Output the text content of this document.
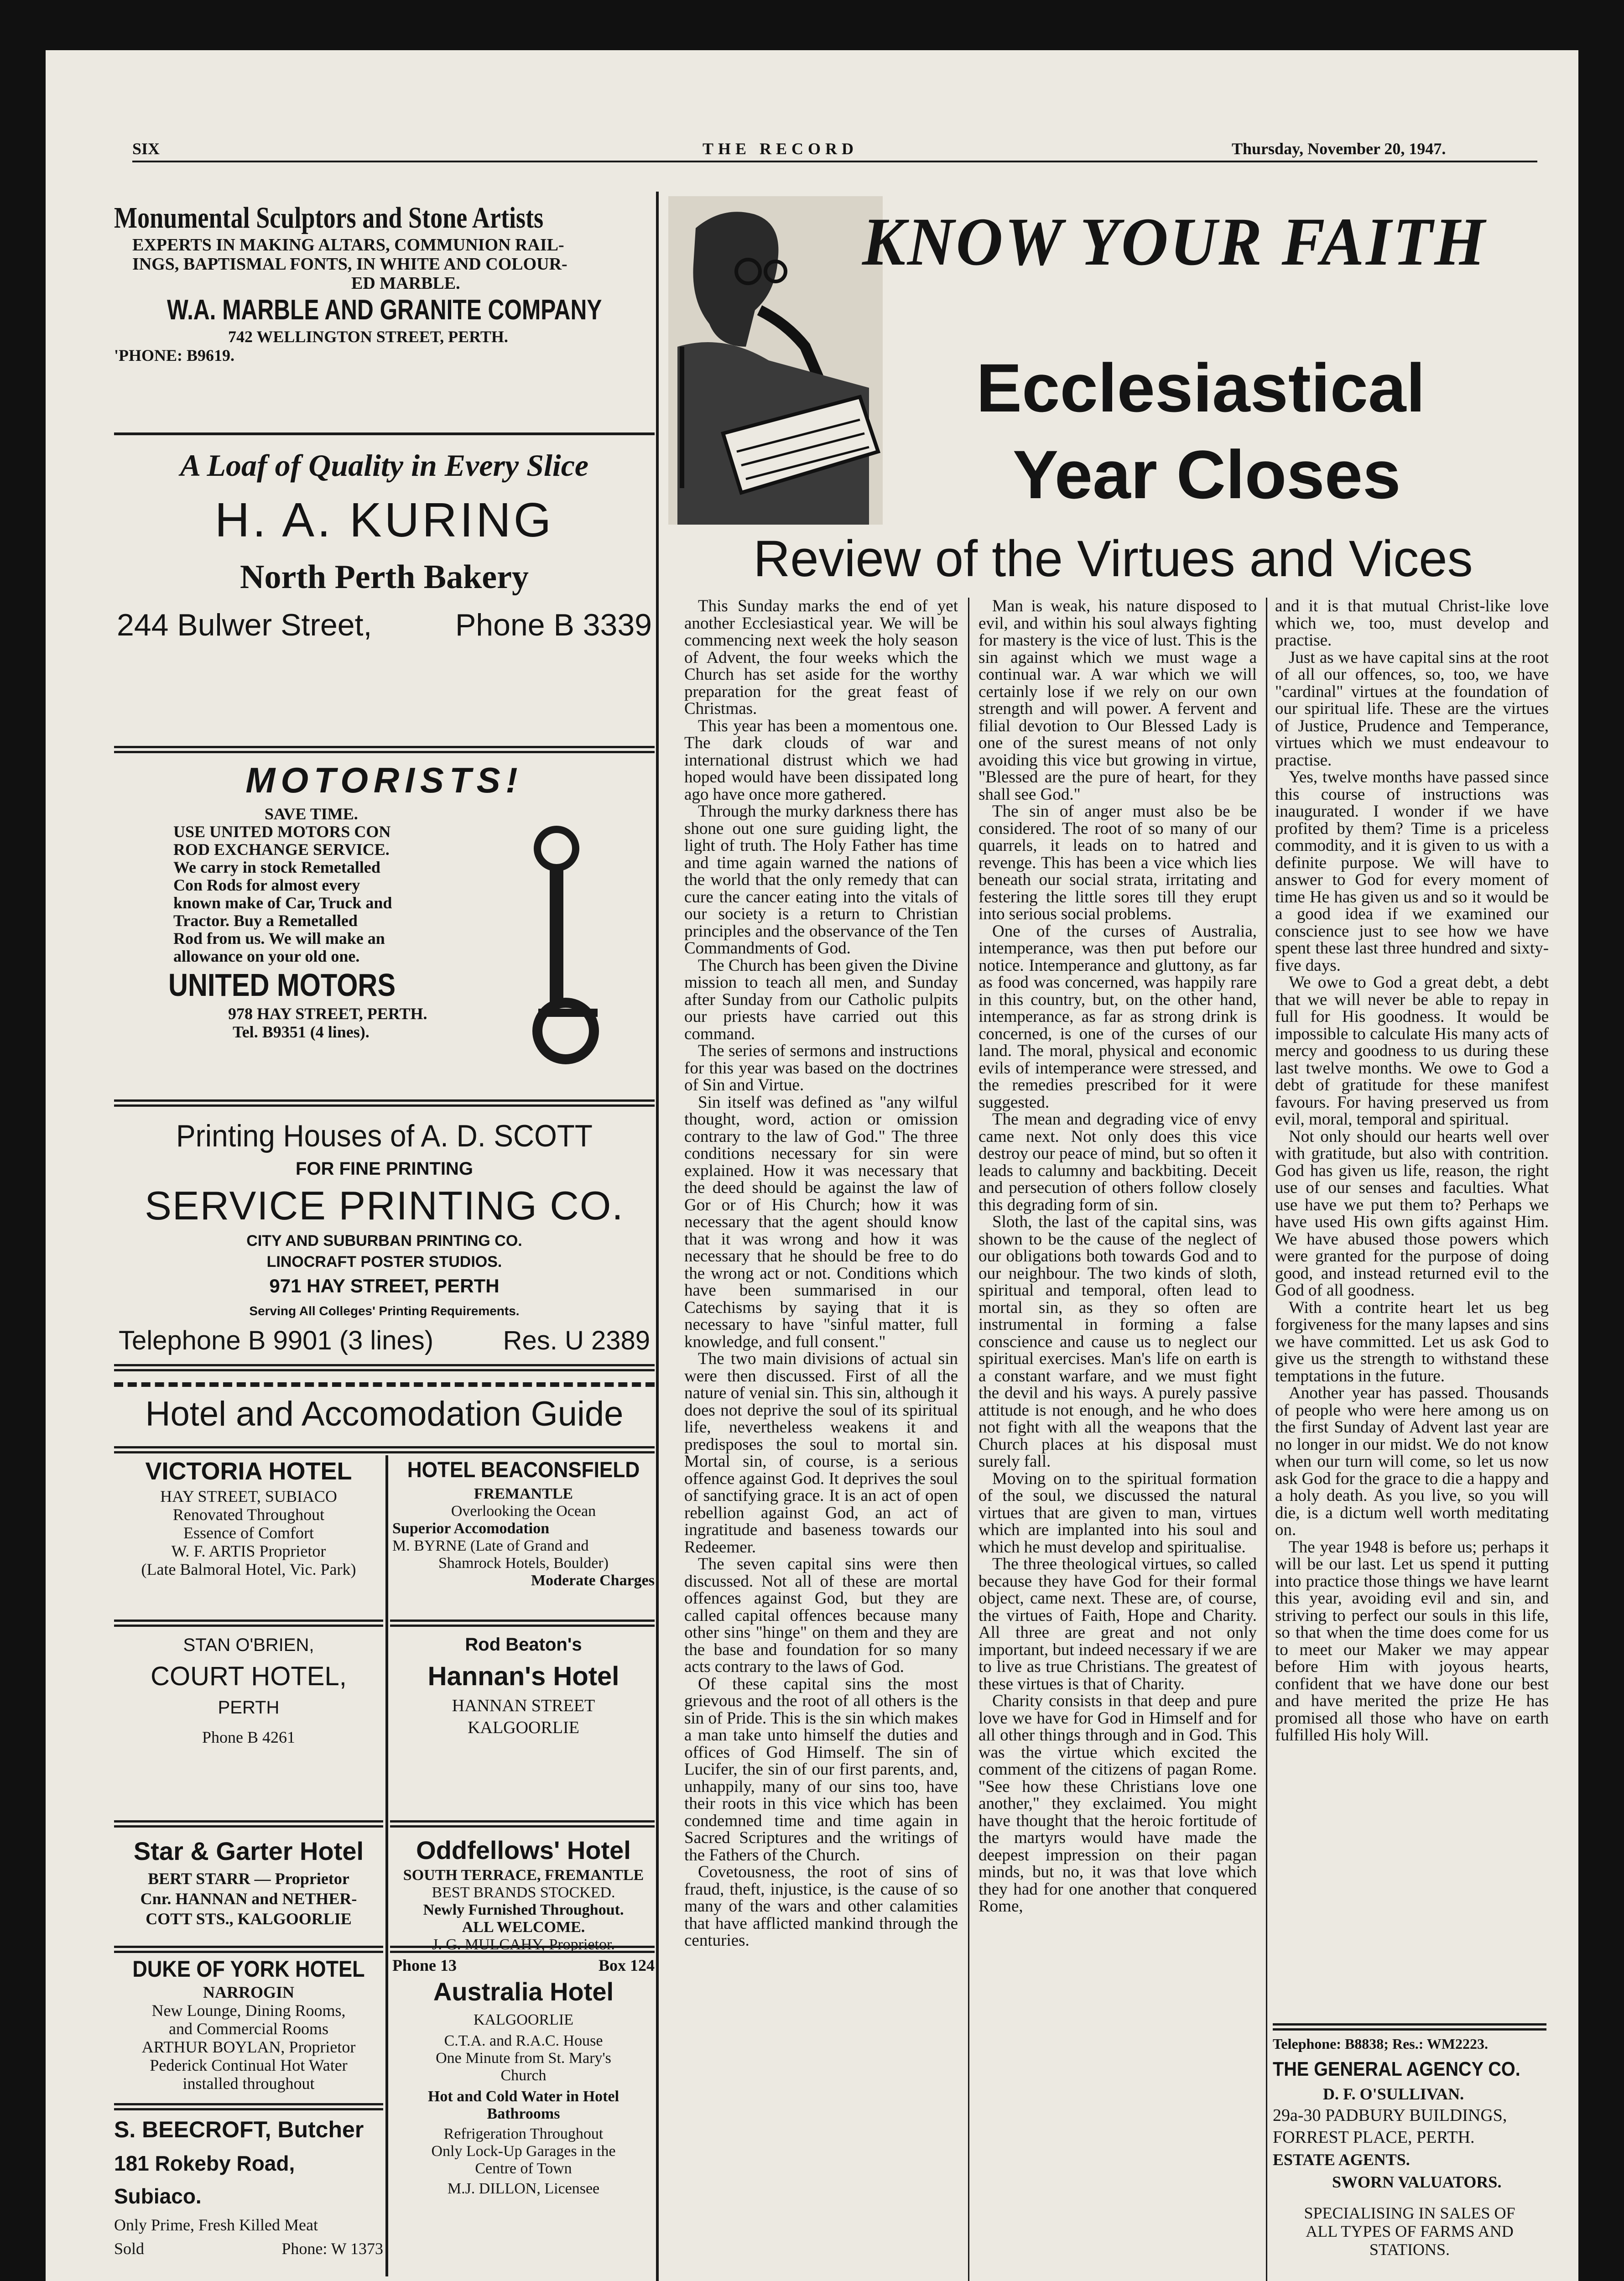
SIX	THE RECORD	Thursday, November 20, 1947.
Monumental Sculptors and Stone Artists
EXPERTS IN MAKING ALTARS, COMMUNION RAIL-
INGS, BAPTISMAL FONTS, IN WHITE AND COLOUR-
ED MARBLE.
W.A. MARBLE AND GRANITE COMPANY
742 WELLINGTON STREET, PERTH.
'PHONE: B9619.
A Loaf of Quality in Every Slice
H. A. KURING
North Perth Bakery
244 Bulwer Street,	Phone B 3339
MOTORISTS!
SAVE TIME.
USE UNITED MOTORS CON
ROD EXCHANGE SERVICE.
We carry in stock Remetalled
Con Rods for almost every
known make of Car, Truck and
Tractor. Buy a Remetalled
Rod from us. We will make an
allowance on your old one.
UNITED MOTORS
978 HAY STREET, PERTH.
Tel. B9351 (4 lines).
Printing Houses of A. D. SCOTT
FOR FINE PRINTING
SERVICE PRINTING CO.
CITY AND SUBURBAN PRINTING CO.
LINOCRAFT POSTER STUDIOS.
971 HAY STREET, PERTH
Serving All Colleges' Printing Requirements.
Telephone B 9901 (3 lines)	Res. U 2389
Hotel and Accomodation Guide
VICTORIA HOTEL
HAY STREET, SUBIACO
Renovated Throughout
Essence of Comfort
W. F. ARTIS Proprietor
(Late Balmoral Hotel, Vic. Park)
HOTEL BEACONSFIELD
FREMANTLE
Overlooking the Ocean
Superior Accomodation
M. BYRNE (Late of Grand and
Shamrock Hotels, Boulder)
Moderate Charges
STAN O'BRIEN,
COURT HOTEL,
PERTH
Phone B 4261
Rod Beaton's
Hannan's Hotel
HANNAN STREET
KALGOORLIE
Star & Garter Hotel
BERT STARR — Proprietor
Cnr. HANNAN and NETHER-
COTT STS., KALGOORLIE
Oddfellows' Hotel
SOUTH TERRACE, FREMANTLE
BEST BRANDS STOCKED.
Newly Furnished Throughout.
ALL WELCOME.
J. G. MULCAHY, Proprietor.
DUKE OF YORK HOTEL
NARROGIN
New Lounge, Dining Rooms,
and Commercial Rooms
ARTHUR BOYLAN, Proprietor
Pederick Continual Hot Water
installed throughout
Phone 13	Box 124
Australia Hotel
KALGOORLIE
C.T.A. and R.A.C. House
One Minute from St. Mary's
Church
Hot and Cold Water in Hotel
Bathrooms
Refrigeration Throughout
Only Lock-Up Garages in the
Centre of Town
M.J. DILLON, Licensee
S. BEECROFT, Butcher
181 Rokeby Road, Subiaco.
Only Prime, Fresh Killed Meat
Sold	Phone: W 1373
KNOW YOUR FAITH
Ecclesiastical
Year Closes
Review of the Virtues and Vices

This Sunday marks the end of yet another Ecclesiastical year. We will be commencing next week the holy season of Advent, the four weeks which the Church has set aside for the worthy preparation for the great feast of Christmas.

This year has been a momentous one. The dark clouds of war and international distrust which we had hoped would have been dissipated long ago have once more gathered.

Through the murky darkness there has shone out one sure guiding light, the light of truth. The Holy Father has time and time again warned the nations of the world that the only remedy that can cure the cancer eating into the vitals of our society is a return to Christian principles and the observance of the Ten Commandments of God.

The Church has been given the Divine mission to teach all men, and Sunday after Sunday from our Catholic pulpits our priests have carried out this command.

The series of sermons and instructions for this year was based on the doctrines of Sin and Virtue.

Sin itself was defined as "any wilful thought, word, action or omission contrary to the law of God." The three conditions necessary for sin were explained. How it was necessary that the deed should be against the law of Gor or of His Church; how it was necessary that the agent should know that it was wrong and how it was necessary that he should be free to do the wrong act or not. Conditions which have been summarised in our Catechisms by saying that it is necessary to have "sinful matter, full knowledge, and full consent."

The two main divisions of actual sin were then discussed. First of all the nature of venial sin. This sin, although it does not deprive the soul of its spiritual life, nevertheless weakens it and predisposes the soul to mortal sin. Mortal sin, of course, is a serious offence against God. It deprives the soul of sanctifying grace. It is an act of open rebellion against God, an act of ingratitude and baseness towards our Redeemer.

The seven capital sins were then discussed. Not all of these are mortal offences against God, but they are called capital offences because many other sins "hinge" on them and they are the base and foundation for so many acts contrary to the laws of God.

Of these capital sins the most grievous and the root of all others is the sin of Pride. This is the sin which makes a man take unto himself the duties and offices of God Himself. The sin of Lucifer, the sin of our first parents, and, unhappily, many of our sins too, have their roots in this vice which has been condemned time and time again in Sacred Scriptures and the writings of the Fathers of the Church.

Covetousness, the root of sins of fraud, theft, injustice, is the cause of so many of the wars and other calamities that have afflicted mankind through the centuries.

Man is weak, his nature disposed to evil, and within his soul always fighting for mastery is the vice of lust. This is the sin against which we must wage a continual war. A war which we will certainly lose if we rely on our own strength and will power. A fervent and filial devotion to Our Blessed Lady is one of the surest means of not only avoiding this vice but growing in virtue, "Blessed are the pure of heart, for they shall see God."

The sin of anger must also be be considered. The root of so many of our quarrels, it leads on to hatred and revenge. This has been a vice which lies beneath our social strata, irritating and festering the little sores till they erupt into serious social problems.

One of the curses of Australia, intemperance, was then put before our notice. Intemperance and gluttony, as far as food was concerned, was happily rare in this country, but, on the other hand, intemperance, as far as strong drink is concerned, is one of the curses of our land. The moral, physical and economic evils of intemperance were stressed, and the remedies prescribed for it were suggested.

The mean and degrading vice of envy came next. Not only does this vice destroy our peace of mind, but so often it leads to calumny and backbiting. Deceit and persecution of others follow closely this degrading form of sin.

Sloth, the last of the capital sins, was shown to be the cause of the neglect of our obligations both towards God and to our neighbour. The two kinds of sloth, spiritual and temporal, often lead to mortal sin, as they so often are instrumental in forming a false conscience and cause us to neglect our spiritual exercises. Man's life on earth is a constant warfare, and we must fight the devil and his ways. A purely passive attitude is not enough, and he who does not fight with all the weapons that the Church places at his disposal must surely fall.

Moving on to the spiritual formation of the soul, we discussed the natural virtues that are given to man, virtues which are implanted into his soul and which he must develop and spiritualise.

The three theological virtues, so called because they have God for their formal object, came next. These are, of course, the virtues of Faith, Hope and Charity. All three are great and not only important, but indeed necessary if we are to live as true Christians. The greatest of these virtues is that of Charity.

Charity consists in that deep and pure love we have for God in Himself and for all other things through and in God. This was the virtue which excited the comment of the citizens of pagan Rome. "See how these Christians love one another," they exclaimed. You might have thought that the heroic fortitude of the martyrs would have made the deepest impression on their pagan minds, but no, it was that love which they had for one another that conquered Rome,

and it is that mutual Christ-like love which we, too, must develop and practise.

Just as we have capital sins at the root of all our offences, so, too, we have "cardinal" virtues at the foundation of our spiritual life. These are the virtues of Justice, Prudence and Temperance, virtues which we must endeavour to practise.

Yes, twelve months have passed since this course of instructions was inaugurated. I wonder if we have profited by them? Time is a priceless commodity, and it is given to us with a definite purpose. We will have to answer to God for every moment of time He has given us and so it would be a good idea if we examined our conscience just to see how we have spent these last three hundred and sixty-five days.

We owe to God a great debt, a debt that we will never be able to repay in full for His goodness. It would be impossible to calculate His many acts of mercy and goodness to us during these last twelve months. We owe to God a debt of gratitude for these manifest favours. For having preserved us from evil, moral, temporal and spiritual.

Not only should our hearts well over with gratitude, but also with contrition. God has given us life, reason, the right use of our senses and faculties. What use have we put them to? Perhaps we have used His own gifts against Him. We have abused those powers which were granted for the purpose of doing good, and instead returned evil to the God of all goodness.

With a contrite heart let us beg forgiveness for the many lapses and sins we have committed. Let us ask God to give us the strength to withstand these temptations in the future.

Another year has passed. Thousands of people who were here among us on the first Sunday of Advent last year are no longer in our midst. We do not know when our turn will come, so let us now ask God for the grace to die a happy and a holy death. As you live, so you will die, is a dictum well worth meditating on.

The year 1948 is before us; perhaps it will be our last. Let us spend it putting into practice those things we have learnt this year, avoiding evil and sin, and striving to perfect our souls in this life, so that when the time does come for us to meet our Maker we may appear before Him with joyous hearts, confident that we have done our best and have merited the prize He has promised all those who have on earth fulfilled His holy Will.

Telephone: B8838; Res.: WM2223.
THE GENERAL AGENCY CO.
D. F. O'SULLIVAN.
29a-30 PADBURY BUILDINGS,
FORREST PLACE, PERTH.
ESTATE AGENTS.
SWORN VALUATORS.
SPECIALISING IN SALES OF
ALL TYPES OF FARMS AND
STATIONS.
